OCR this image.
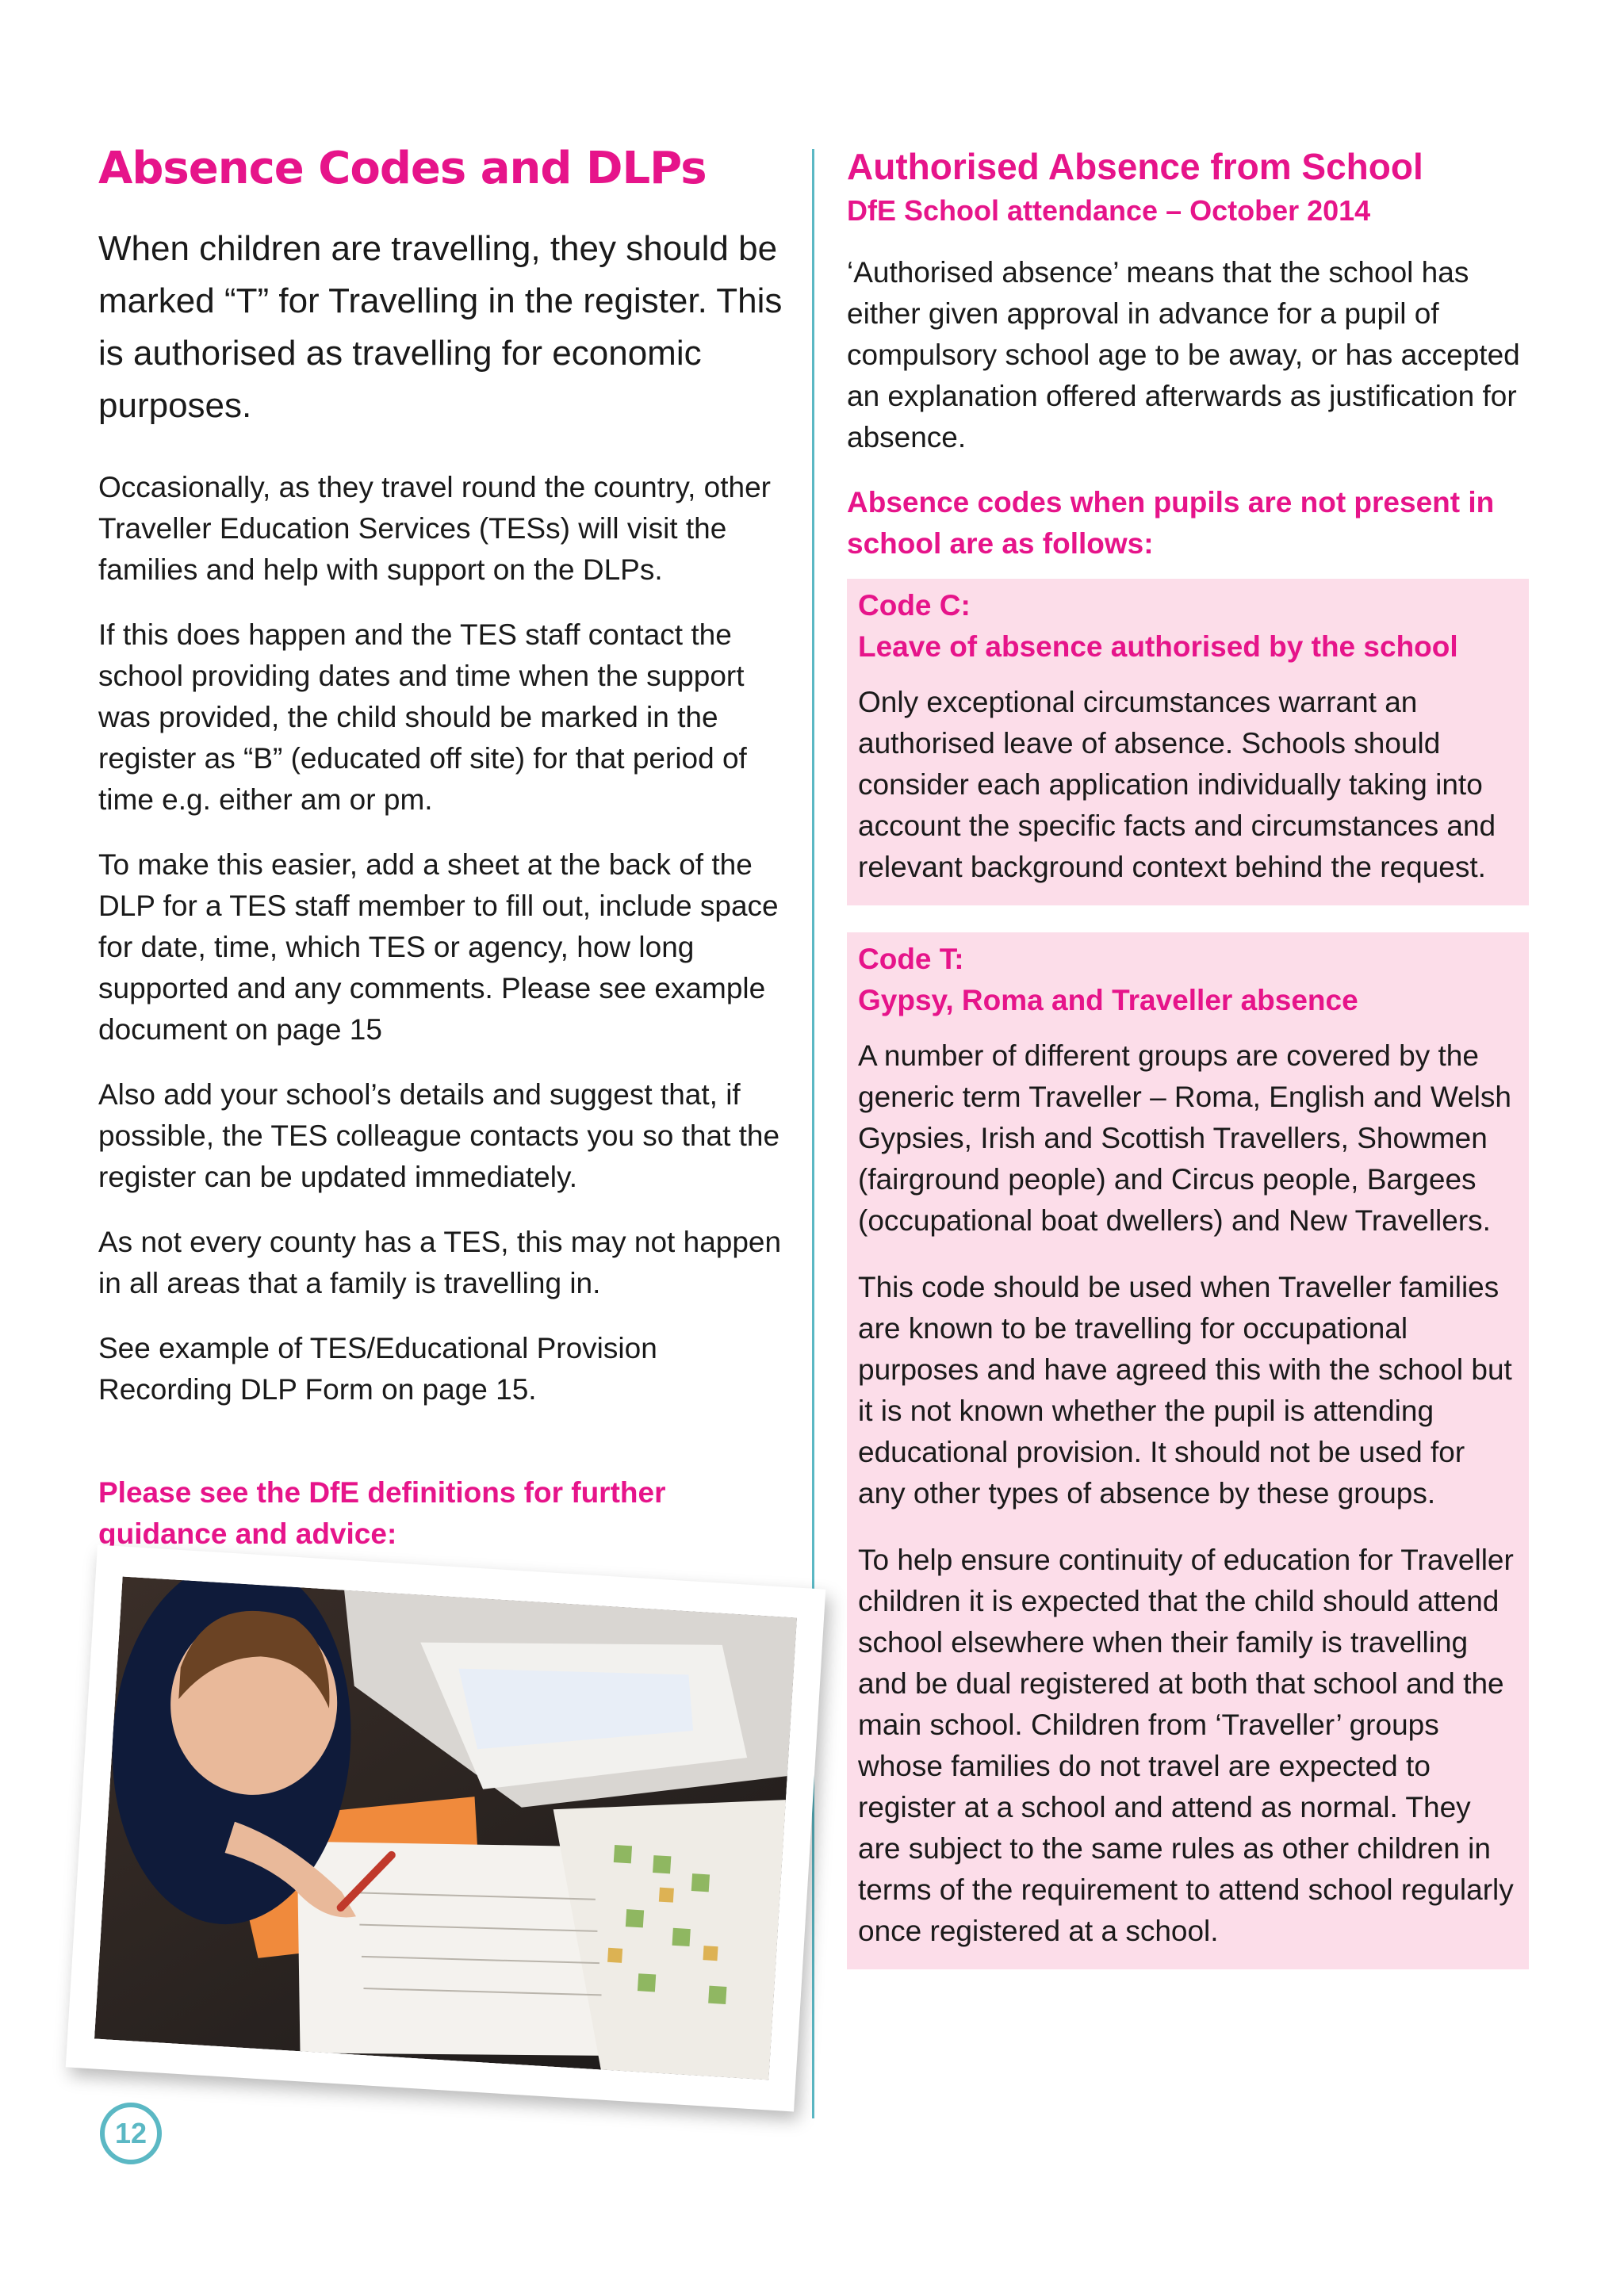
Absence Codes and DLPs

When children are travelling, they should be marked “T” for Travelling in the register. This is authorised as travelling for economic purposes.

Occasionally, as they travel round the country, other Traveller Education Services (TESs) will visit the families and help with support on the DLPs.

If this does happen and the TES staff contact the school providing dates and time when the support was provided, the child should be marked in the register as “B” (educated off site) for that period of time e.g. either am or pm.

To make this easier, add a sheet at the back of the DLP for a TES staff member to fill out, include space for date, time, which TES or agency, how long supported and any comments. Please see example document on page 15

Also add your school’s details and suggest that, if possible, the TES colleague contacts you so that the register can be updated immediately.

As not every county has a TES, this may not happen in all areas that a family is travelling in.

See example of TES/Educational Provision Recording DLP Form on page 15.

Please see the DfE definitions for further guidance and advice:

Authorised Absence from School

DfE School attendance – October 2014

‘Authorised absence’ means that the school has either given approval in advance for a pupil of compulsory school age to be away, or has accepted an explanation offered afterwards as justification for absence.

Absence codes when pupils are not present in school are as follows:

Code C:
Leave of absence authorised by the school

Only exceptional circumstances warrant an authorised leave of absence. Schools should consider each application individually taking into account the specific facts and circumstances and relevant background context behind the request.

Code T:
Gypsy, Roma and Traveller absence

A number of different groups are covered by the generic term Traveller – Roma, English and Welsh Gypsies, Irish and Scottish Travellers, Showmen (fairground people) and Circus people, Bargees (occupational boat dwellers) and New Travellers.

This code should be used when Traveller families are known to be travelling for occupational purposes and have agreed this with the school but it is not known whether the pupil is attending educational provision. It should not be used for any other types of absence by these groups.

To help ensure continuity of education for Traveller children it is expected that the child should attend school elsewhere when their family is travelling and be dual registered at both that school and the main school. Children from ‘Traveller’ groups whose families do not travel are expected to register at a school and attend as normal. They are subject to the same rules as other children in terms of the requirement to attend school regularly once registered at a school.

12
